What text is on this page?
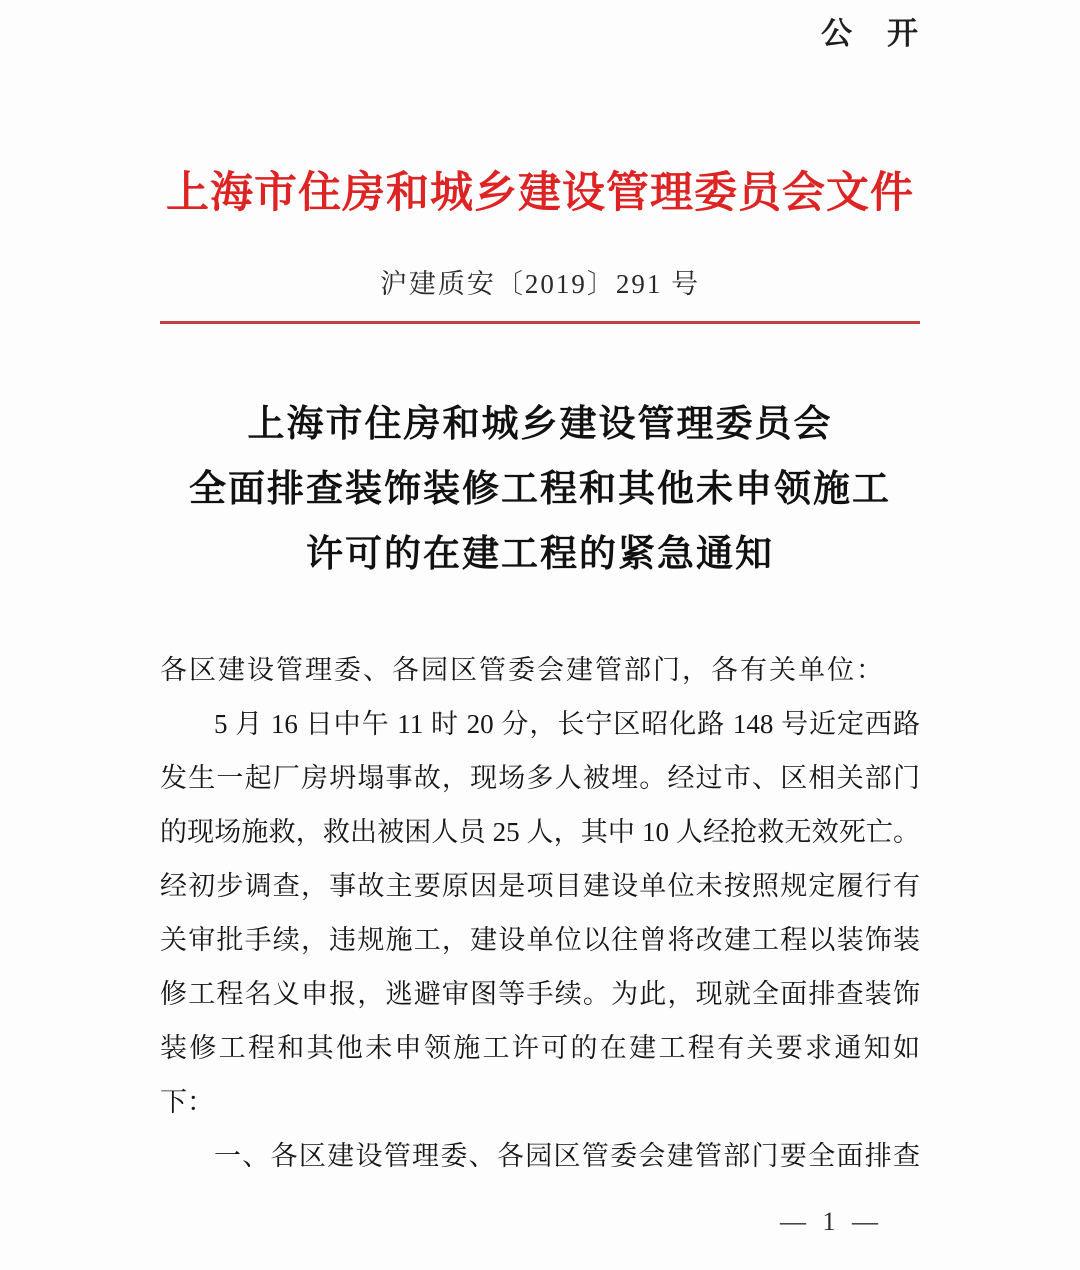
公　开
上海市住房和城乡建设管理委员会文件
沪建质安〔2019〕291 号
上海市住房和城乡建设管理委员会
全面排查装饰装修工程和其他未申领施工
许可的在建工程的紧急通知
各区建设管理委、各园区管委会建管部门，各有关单位：
5 月 16 日中午 11 时 20 分，长宁区昭化路 148 号近定西路
发生一起厂房坍塌事故，现场多人被埋。经过市、区相关部门
的现场施救，救出被困人员 25 人，其中 10 人经抢救无效死亡。
经初步调查，事故主要原因是项目建设单位未按照规定履行有
关审批手续，违规施工，建设单位以往曾将改建工程以装饰装
修工程名义申报，逃避审图等手续。为此，现就全面排查装饰
装修工程和其他未申领施工许可的在建工程有关要求通知如
下：
一、各区建设管理委、各园区管委会建管部门要全面排查
— 1 —
